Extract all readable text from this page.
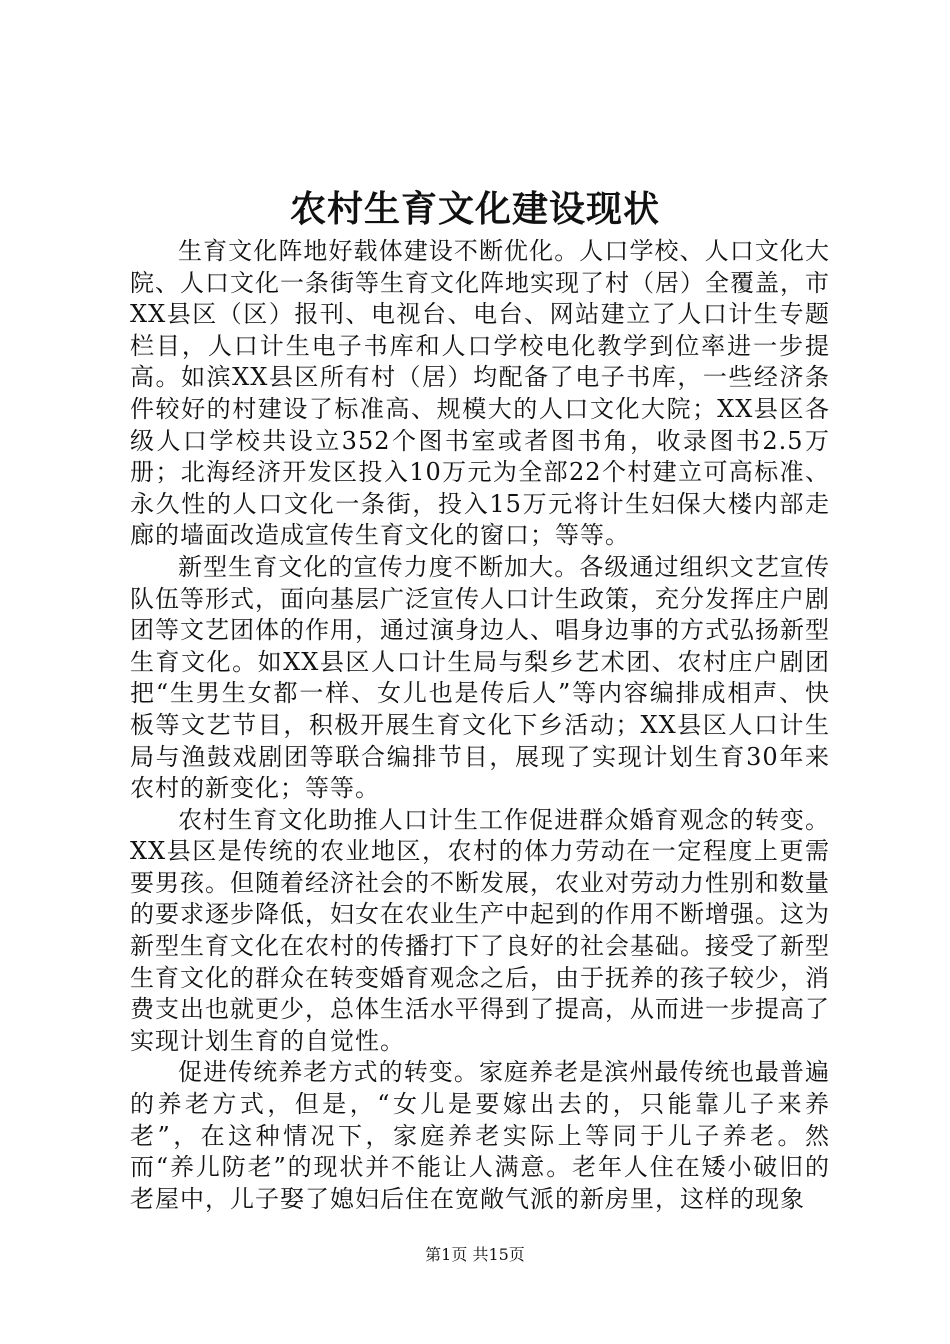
农村生育文化建设现状

生育文化阵地好载体建设不断优化。人口学校、人口文化大院、人口文化一条街等生育文化阵地实现了村（居）全覆盖，市XX县区（区）报刊、电视台、电台、网站建立了人口计生专题栏目，人口计生电子书库和人口学校电化教学到位率进一步提高。如滨XX县区所有村（居）均配备了电子书库，一些经济条件较好的村建设了标准高、规模大的人口文化大院；XX县区各级人口学校共设立352个图书室或者图书角，收录图书2.5万册；北海经济开发区投入10万元为全部22个村建立可高标准、永久性的人口文化一条街，投入15万元将计生妇保大楼内部走廊的墙面改造成宣传生育文化的窗口；等等。

新型生育文化的宣传力度不断加大。各级通过组织文艺宣传队伍等形式，面向基层广泛宣传人口计生政策，充分发挥庄户剧团等文艺团体的作用，通过演身边人、唱身边事的方式弘扬新型生育文化。如XX县区人口计生局与梨乡艺术团、农村庄户剧团把“生男生女都一样、女儿也是传后人”等内容编排成相声、快板等文艺节目，积极开展生育文化下乡活动；XX县区人口计生局与渔鼓戏剧团等联合编排节目，展现了实现计划生育30年来农村的新变化；等等。

农村生育文化助推人口计生工作促进群众婚育观念的转变。XX县区是传统的农业地区，农村的体力劳动在一定程度上更需要男孩。但随着经济社会的不断发展，农业对劳动力性别和数量的要求逐步降低，妇女在农业生产中起到的作用不断增强。这为新型生育文化在农村的传播打下了良好的社会基础。接受了新型生育文化的群众在转变婚育观念之后，由于抚养的孩子较少，消费支出也就更少，总体生活水平得到了提高，从而进一步提高了实现计划生育的自觉性。

促进传统养老方式的转变。家庭养老是滨州最传统也最普遍的养老方式，但是，“女儿是要嫁出去的，只能靠儿子来养老”，在这种情况下，家庭养老实际上等同于儿子养老。然而“养儿防老”的现状并不能让人满意。老年人住在矮小破旧的老屋中，儿子娶了媳妇后住在宽敞气派的新房里，这样的现象

第1页 共15页
